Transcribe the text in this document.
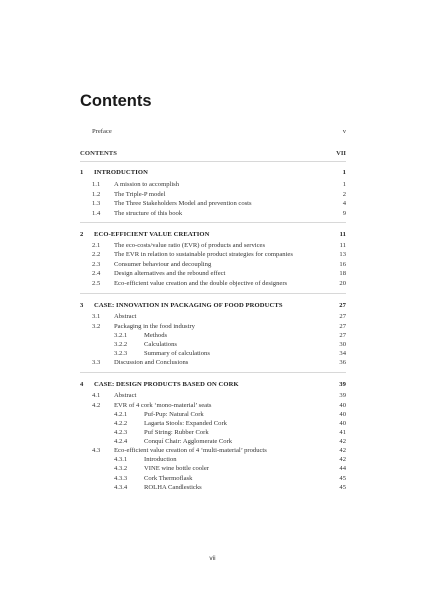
Contents
Preface	v
CONTENTS	VII
1 INTRODUCTION	1
1.1 A mission to accomplish	1
1.2 The Triple-P model	2
1.3 The Three Stakeholders Model and prevention costs	4
1.4 The structure of this book	9
2 ECO-EFFICIENT VALUE CREATION	11
2.1 The eco-costs/value ratio (EVR) of products and services	11
2.2 The EVR in relation to sustainable product strategies for companies	13
2.3 Consumer behaviour and decoupling	16
2.4 Design alternatives and the rebound effect	18
2.5 Eco-efficient value creation and the double objective of designers	20
3 CASE: INNOVATION IN PACKAGING OF FOOD PRODUCTS	27
3.1 Abstract	27
3.2 Packaging in the food industry	27
3.2.1	Methods	27
3.2.2	Calculations	30
3.2.3	Summary of calculations	34
3.3 Discussion and Conclusions	36
4 CASE: DESIGN PRODUCTS BASED ON CORK	39
4.1 Abstract	39
4.2 EVR of 4 cork ‘mono-material’ seats	40
4.2.1	Puf-Pup: Natural Cork	40
4.2.2	Lagarta Stools: Expanded Cork	40
4.2.3	Puf String: Rubber Cork	41
4.2.4	Conquí Chair: Agglomerate Cork	42
4.3 Eco-efficient value creation of 4 ‘multi-material’ products	42
4.3.1	Introduction	42
4.3.2	VINE wine bottle cooler	44
4.3.3	Cork Thermoflask	45
4.3.4	ROLHA Candlesticks	45
vii
